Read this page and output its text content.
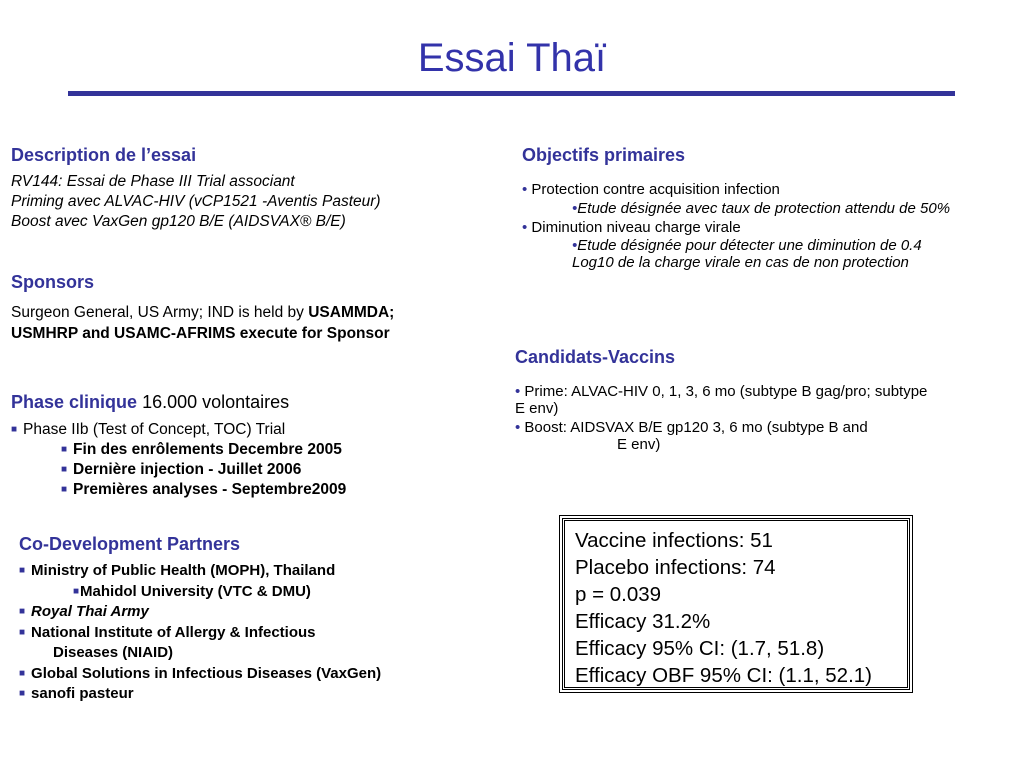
Essai Thaï
Description de l’essai
RV144: Essai de Phase III Trial associant
Priming avec ALVAC-HIV (vCP1521 -Aventis Pasteur)
Boost avec VaxGen gp120 B/E (AIDSVAX® B/E)
Sponsors
Surgeon General, US Army; IND is held by USAMMDA;
USMHRP and USAMC-AFRIMS execute for Sponsor
Phase clinique 16.000 volontaires
■ Phase IIb (Test of Concept, TOC) Trial
■ Fin des enrôlements Decembre 2005
■ Dernière injection - Juillet 2006
■ Premières analyses - Septembre2009
Co-Development Partners
■ Ministry of Public Health (MOPH), Thailand
■Mahidol University (VTC & DMU)
■ Royal Thai Army
■ National Institute of Allergy & Infectious
Diseases (NIAID)
■ Global Solutions in Infectious Diseases (VaxGen)
■ sanofi pasteur
Objectifs primaires
• Protection contre acquisition infection
•Etude désignée avec taux de protection attendu de 50%
• Diminution niveau charge virale
•Etude désignée pour détecter une diminution de 0.4
Log10 de la charge virale en cas de non protection
Candidats-Vaccins
• Prime: ALVAC-HIV 0, 1, 3, 6 mo (subtype B gag/pro; subtype
E env)
• Boost: AIDSVAX B/E gp120 3, 6 mo (subtype B and
E env)
Vaccine infections: 51
Placebo infections: 74
p = 0.039
Efficacy 31.2%
Efficacy 95% CI: (1.7, 51.8)
Efficacy OBF 95% CI: (1.1, 52.1)
